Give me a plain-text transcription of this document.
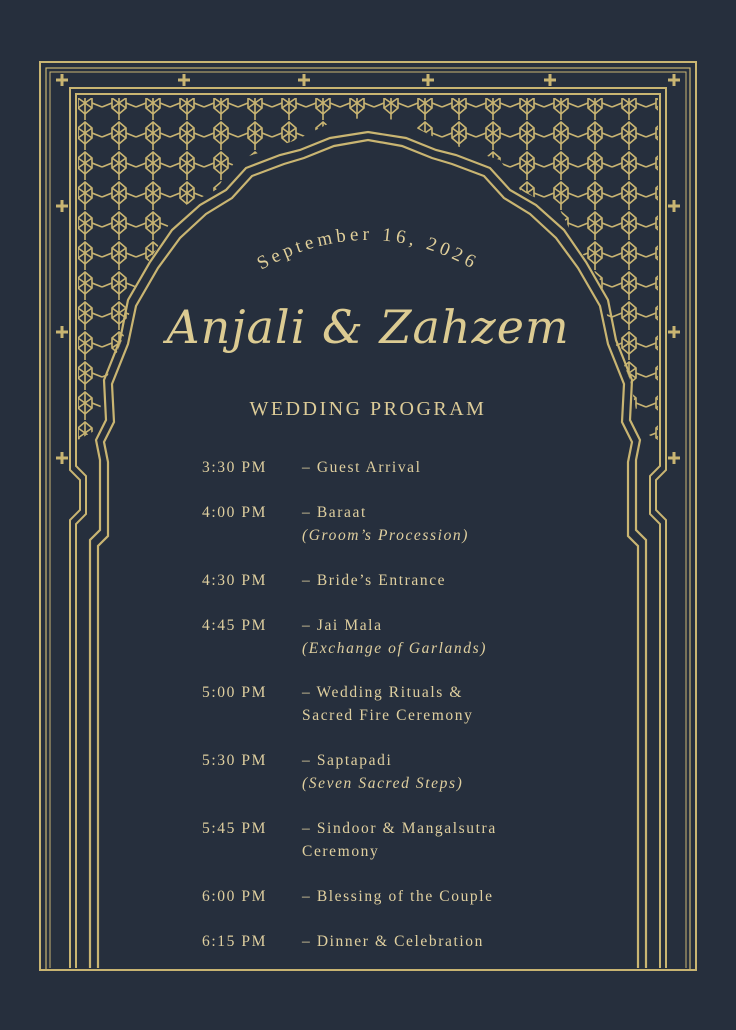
September 16, 2026
Anjali & Zahzem
WEDDING PROGRAM
3:30 PM – Guest Arrival
4:00 PM – Baraat
(Groom’s Procession)
4:30 PM – Bride’s Entrance
4:45 PM – Jai Mala
(Exchange of Garlands)
5:00 PM – Wedding Rituals &
Sacred Fire Ceremony
5:30 PM – Saptapadi
(Seven Sacred Steps)
5:45 PM – Sindoor & Mangalsutra
Ceremony
6:00 PM – Blessing of the Couple
6:15 PM – Dinner & Celebration
